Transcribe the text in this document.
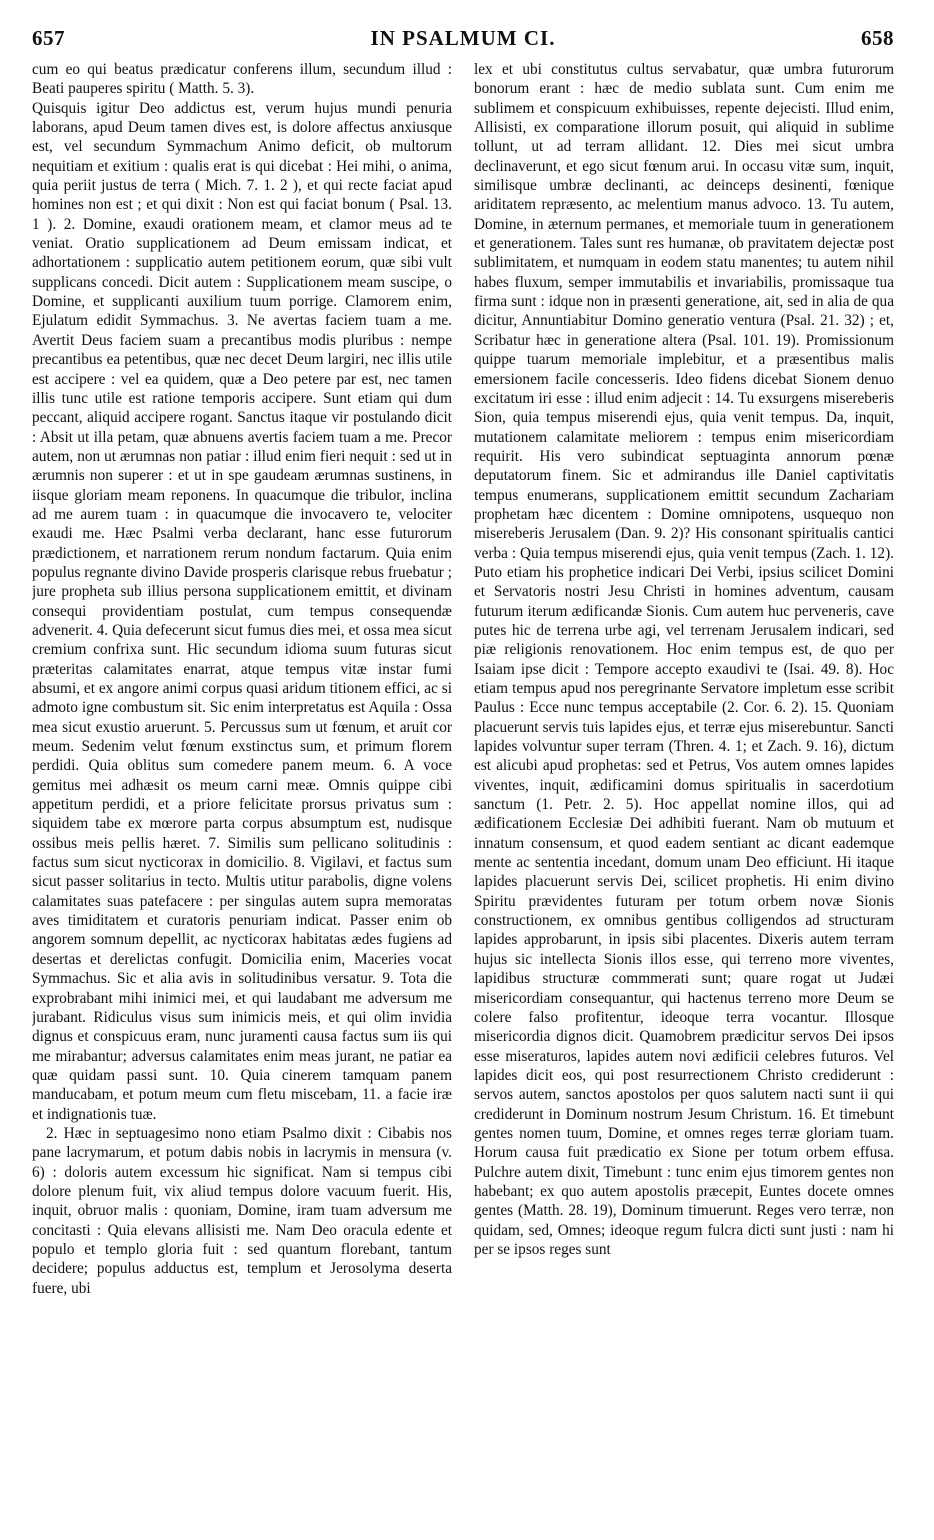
657	IN PSALMUM CI.	658

cum eo qui beatus prædicatur conferens illum, secundum illud : Beati pauperes spiritu ( Matth. 5. 3).

Quisquis igitur Deo addictus est, verum hujus mundi penuria laborans, apud Deum tamen dives est, is dolore affectus anxiusque est, vel secundum Symmachum Animo deficit, ob multorum nequitiam et exitium : qualis erat is qui dicebat : Hei mihi, o anima, quia periit justus de terra ( Mich. 7. 1. 2 ), et qui recte faciat apud homines non est ; et qui dixit : Non est qui faciat bonum ( Psal. 13. 1 ). 2. Domine, exaudi orationem meam, et clamor meus ad te veniat. Oratio supplicationem ad Deum emissam indicat, et adhortationem : supplicatio autem petitionem eorum, quæ sibi vult supplicans concedi. Dicit autem : Supplicationem meam suscipe, o Domine, et supplicanti auxilium tuum porrige. Clamorem enim, Ejulatum edidit Symmachus. 3. Ne avertas faciem tuam a me. Avertit Deus faciem suam a precantibus modis pluribus : nempe precantibus ea petentibus, quæ nec decet Deum largiri, nec illis utile est accipere : vel ea quidem, quæ a Deo petere par est, nec tamen illis tunc utile est ratione temporis accipere. Sunt etiam qui dum peccant, aliquid accipere rogant. Sanctus itaque vir postulando dicit : Absit ut illa petam, quæ abnuens avertis faciem tuam a me. Precor autem, non ut ærumnas non patiar : illud enim fieri nequit : sed ut in ærumnis non superer : et ut in spe gaudeam ærumnas sustinens, in iisque gloriam meam reponens. In quacumque die tribulor, inclina ad me aurem tuam : in quacumque die invocavero te, velociter exaudi me. Hæc Psalmi verba declarant, hanc esse futurorum prædictionem, et narrationem rerum nondum factarum. Quia enim populus regnante divino Davide prosperis clarisque rebus fruebatur ; jure propheta sub illius persona supplicationem emittit, et divinam consequi providentiam postulat, cum tempus consequendæ advenerit. 4. Quia defecerunt sicut fumus dies mei, et ossa mea sicut cremium confrixa sunt. Hic secundum idioma suum futuras sicut præteritas calamitates enarrat, atque tempus vitæ instar fumi absumi, et ex angore animi corpus quasi aridum titionem effici, ac si admoto igne combustum sit. Sic enim interpretatus est Aquila : Ossa mea sicut exustio aruerunt. 5. Percussus sum ut fœnum, et aruit cor meum. Sedenim velut fœnum exstinctus sum, et primum florem perdidi. Quia oblitus sum comedere panem meum. 6. A voce gemitus mei adhæsit os meum carni meæ. Omnis quippe cibi appetitum perdidi, et a priore felicitate prorsus privatus sum : siquidem tabe ex mœrore parta corpus absumptum est, nudisque ossibus meis pellis hæret. 7. Similis sum pellicano solitudinis : factus sum sicut nycticorax in domicilio. 8. Vigilavi, et factus sum sicut passer solitarius in tecto. Multis utitur parabolis, digne volens calamitates suas patefacere : per singulas autem supra memoratas aves timiditatem et curatoris penuriam indicat. Passer enim ob angorem somnum depellit, ac nycticorax habitatas ædes fugiens ad desertas et derelictas confugit. Domicilia enim, Maceries vocat Symmachus. Sic et alia avis in solitudinibus versatur. 9. Tota die exprobrabant mihi inimici mei, et qui laudabant me adversum me jurabant. Ridiculus visus sum inimicis meis, et qui olim invidia dignus et conspicuus eram, nunc juramenti causa factus sum iis qui me mirabantur; adversus calamitates enim meas jurant, ne patiar ea quæ quidam passi sunt. 10. Quia cinerem tamquam panem manducabam, et potum meum cum fletu miscebam, 11. a facie iræ et indignationis tuæ.

2. Hæc in septuagesimo nono etiam Psalmo dixit : Cibabis nos pane lacrymarum, et potum dabis nobis in lacrymis in mensura (v. 6) : doloris autem excessum hic significat. Nam si tempus cibi dolore plenum fuit, vix aliud tempus dolore vacuum fuerit. His, inquit, obruor malis : quoniam, Domine, iram tuam adversum me concitasti : Quia elevans allisisti me. Nam Deo oracula edente et populo et templo gloria fuit : sed quantum florebant, tantum decidere; populus adductus est, templum et Jerosolyma deserta fuere, ubi

lex et ubi constitutus cultus servabatur, quæ umbra futurorum bonorum erant : hæc de medio sublata sunt. Cum enim me sublimem et conspicuum exhibuisses, repente dejecisti. Illud enim, Allisisti, ex comparatione illorum posuit, qui aliquid in sublime tollunt, ut ad terram allidant. 12. Dies mei sicut umbra declinaverunt, et ego sicut fœnum arui. In occasu vitæ sum, inquit, similisque umbræ declinanti, ac deinceps desinenti, fœnique ariditatem repræsento, ac melentium manus advoco. 13. Tu autem, Domine, in æternum permanes, et memoriale tuum in generationem et generationem. Tales sunt res humanæ, ob pravitatem dejectæ post sublimitatem, et numquam in eodem statu manentes; tu autem nihil habes fluxum, semper immutabilis et invariabilis, promissaque tua firma sunt : idque non in præsenti generatione, ait, sed in alia de qua dicitur, Annuntiabitur Domino generatio ventura (Psal. 21. 32) ; et, Scribatur hæc in generatione altera (Psal. 101. 19). Promissionum quippe tuarum memoriale implebitur, et a præsentibus malis emersionem facile concesseris. Ideo fidens dicebat Sionem denuo excitatum iri esse : illud enim adjecit : 14. Tu exsurgens misereberis Sion, quia tempus miserendi ejus, quia venit tempus. Da, inquit, mutationem calamitate meliorem : tempus enim misericordiam requirit. His vero subindicat septuaginta annorum pœnæ deputatorum finem. Sic et admirandus ille Daniel captivitatis tempus enumerans, supplicationem emittit secundum Zachariam prophetam hæc dicentem : Domine omnipotens, usquequo non misereberis Jerusalem (Dan. 9. 2)? His consonant spiritualis cantici verba : Quia tempus miserendi ejus, quia venit tempus (Zach. 1. 12). Puto etiam his prophetice indicari Dei Verbi, ipsius scilicet Domini et Servatoris nostri Jesu Christi in homines adventum, causam futurum iterum ædificandæ Sionis. Cum autem huc perveneris, cave putes hic de terrena urbe agi, vel terrenam Jerusalem indicari, sed piæ religionis renovationem. Hoc enim tempus est, de quo per Isaiam ipse dicit : Tempore accepto exaudivi te (Isai. 49. 8). Hoc etiam tempus apud nos peregrinante Servatore impletum esse scribit Paulus : Ecce nunc tempus acceptabile (2. Cor. 6. 2). 15. Quoniam placuerunt servis tuis lapides ejus, et terræ ejus miserebuntur. Sancti lapides volvuntur super terram (Thren. 4. 1; et Zach. 9. 16), dictum est alicubi apud prophetas: sed et Petrus, Vos autem omnes lapides viventes, inquit, ædificamini domus spiritualis in sacerdotium sanctum (1. Petr. 2. 5). Hoc appellat nomine illos, qui ad ædificationem Ecclesiæ Dei adhibiti fuerant. Nam ob mutuum et innatum consensum, et quod eadem sentiant ac dicant eademque mente ac sententia incedant, domum unam Deo efficiunt. Hi itaque lapides placuerunt servis Dei, scilicet prophetis. Hi enim divino Spiritu prævidentes futuram per totum orbem novæ Sionis constructionem, ex omnibus gentibus colligendos ad structuram lapides approbarunt, in ipsis sibi placentes. Dixeris autem terram hujus sic intellecta Sionis illos esse, qui terreno more viventes, lapidibus structuræ commmerati sunt; quare rogat ut Judæi misericordiam consequantur, qui hactenus terreno more Deum se colere falso profitentur, ideoque terra vocantur. Illosque misericordia dignos dicit. Quamobrem prædicitur servos Dei ipsos esse miseraturos, lapides autem novi ædificii celebres futuros. Vel lapides dicit eos, qui post resurrectionem Christo crediderunt : servos autem, sanctos apostolos per quos salutem nacti sunt ii qui crediderunt in Dominum nostrum Jesum Christum. 16. Et timebunt gentes nomen tuum, Domine, et omnes reges terræ gloriam tuam. Horum causa fuit prædicatio ex Sione per totum orbem effusa. Pulchre autem dixit, Timebunt : tunc enim ejus timorem gentes non habebant; ex quo autem apostolis præcepit, Euntes docete omnes gentes (Matth. 28. 19), Dominum timuerunt. Reges vero terræ, non quidam, sed, Omnes; ideoque regum fulcra dicti sunt justi : nam hi per se ipsos reges sunt
